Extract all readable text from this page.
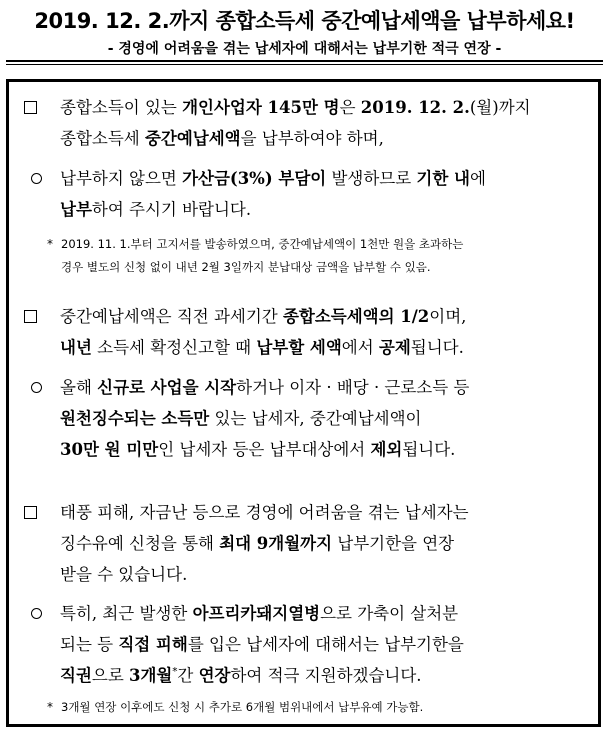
2019. 12. 2.까지 종합소득세 중간예납세액을 납부하세요!
- 경영에 어려움을 겪는 납세자에 대해서는 납부기한 적극 연장 -
종합소득이 있는 개인사업자 145만 명은 2019. 12. 2.(월)까지
종합소득세 중간예납세액을 납부하여야 하며,
납부하지 않으면 가산금(3%) 부담이 발생하므로 기한 내에
납부하여 주시기 바랍니다.
* 2019. 11. 1.부터 고지서를 발송하였으며, 중간예납세액이 1천만 원을 초과하는
경우 별도의 신청 없이 내년 2월 3일까지 분납대상 금액을 납부할 수 있음.
중간예납세액은 직전 과세기간 종합소득세액의 1/2이며,
내년 소득세 확정신고할 때 납부할 세액에서 공제됩니다.
올해 신규로 사업을 시작하거나 이자 · 배당 · 근로소득 등
원천징수되는 소득만 있는 납세자, 중간예납세액이
30만 원 미만인 납세자 등은 납부대상에서 제외됩니다.
태풍 피해, 자금난 등으로 경영에 어려움을 겪는 납세자는
징수유예 신청을 통해 최대 9개월까지 납부기한을 연장
받을 수 있습니다.
특히, 최근 발생한 아프리카돼지열병으로 가축이 살처분
되는 등 직접 피해를 입은 납세자에 대해서는 납부기한을
직권으로 3개월*간 연장하여 적극 지원하겠습니다.
* 3개월 연장 이후에도 신청 시 추가로 6개월 범위내에서 납부유예 가능함.
